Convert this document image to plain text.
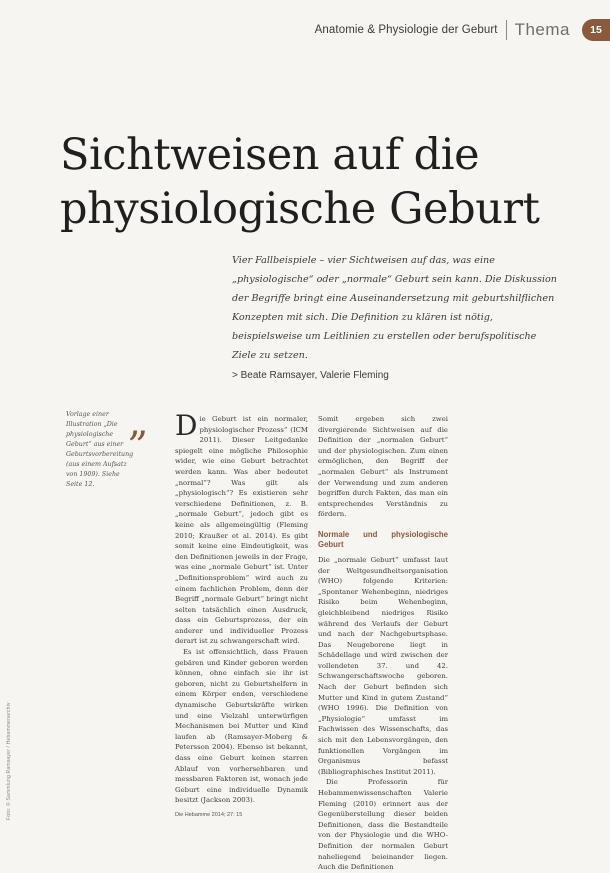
Anatomie & Physiologie der Geburt Thema	15
Sichtweisen auf die
physiologische Geburt

Vier Fallbeispiele – vier Sichtweisen auf das, was eine „physiologische“ oder „normale“ Geburt sein kann. Die Diskussion der Begriffe bringt eine Auseinandersetzung mit geburtshilflichen Konzepten mit sich. Die Definition zu klären ist nötig, beispielsweise um Leitlinien zu erstellen oder berufspolitische Ziele zu setzen.

> Beate Ramsayer, Valerie Fleming
Vorlage einer Illustration „Die physiologische Geburt“ aus einer Geburtsvorbereitung (aus einem Aufsatz von 1909). Siehe Seite 12.
Foto: © Sammlung Ramsayer / Hebammenarchiv
„ Die Geburt ist ein normaler, physiologischer Prozess“ (ICM 2011). Dieser Leitgedanke spiegelt eine mögliche Philosophie wider, wie eine Geburt betrachtet werden kann. Was aber bedeutet „normal“? Was gilt als „physiologisch“? Es existieren sehr verschiedene Definitionen, z. B. „normale Geburt“, jedoch gibt es keine als allgemeingültig (Fleming 2010; Kraußer et al. 2014). Es gibt somit keine eine Eindeutigkeit, was den Definitionen jeweils in der Frage, was eine „normale Geburt“ ist. Unter „Definitionsproblem“ wird auch zu einem fachlichen Problem, denn der Begriff „normale Geburt“ bringt nicht selten tatsächlich einen Ausdruck, dass ein Geburtsprozess, der ein anderer und individueller Prozess derart ist zu schwangerschaft wird.

Es ist offensichtlich, dass Frauen gebären und Kinder geboren werden können, ohne einfach sie ihr ist geboren, nicht zu Geburtshelfern in einem Körper enden, verschiedene dynamische Geburtskräfte wirken und eine Vielzahl unterwürfigen Mechanismen bei Mutter und Kind laufen ab (Ramsayer-Moberg & Petersson 2004). Ebenso ist bekannt, dass eine Geburt keinen starren Ablauf von vorhersehbaren und messbaren Faktoren ist, wonach jede Geburt eine individuelle Dynamik besitzt (Jackson 2003).

Somit ergeben sich zwei divergierende Sichtweisen auf die Definition der „normalen Geburt“ und der physiologischen. Zum einen ermöglichen, den Begriff der „normalen Geburt“ als Instrument der Verwendung und zum anderen begriffen durch Fakten, das man ein entsprechendes Verständnis zu fördern.

Normale und physiologische Geburt

Die „normale Geburt“ umfasst laut der Weltgesundheitsorganisation (WHO) folgende Kriterien: „Spontaner Wehenbeginn, niedriges Risiko beim Wehenbeginn, gleichbleibend niedriges Risiko während des Verlaufs der Geburt und nach der Nachgeburtsphase. Das Neugeborene liegt in Schädellage und wird zwischen der vollendeten 37. und 42. Schwangerschaftswoche geboren. Nach der Geburt befinden sich Mutter und Kind in gutem Zustand“ (WHO 1996). Die Definition von „Physiologie“ umfasst im Fachwissen des Wissenschafts, das sich mit den Lebensvorgängen, den funktionellen Vorgängen im Organismus befasst (Bibliographisches Institut 2011).

Die Professorin für Hebammenwissenschaften Valerie Fleming (2010) erinnert aus der Gegenüberstellung dieser beiden Definitionen, dass die Bestandteile von der Physiologie und die WHO-Definition der normalen Geburt naheliegend beieinander liegen. Auch die Definitionen

Die Hebamme 2014; 27: 15
